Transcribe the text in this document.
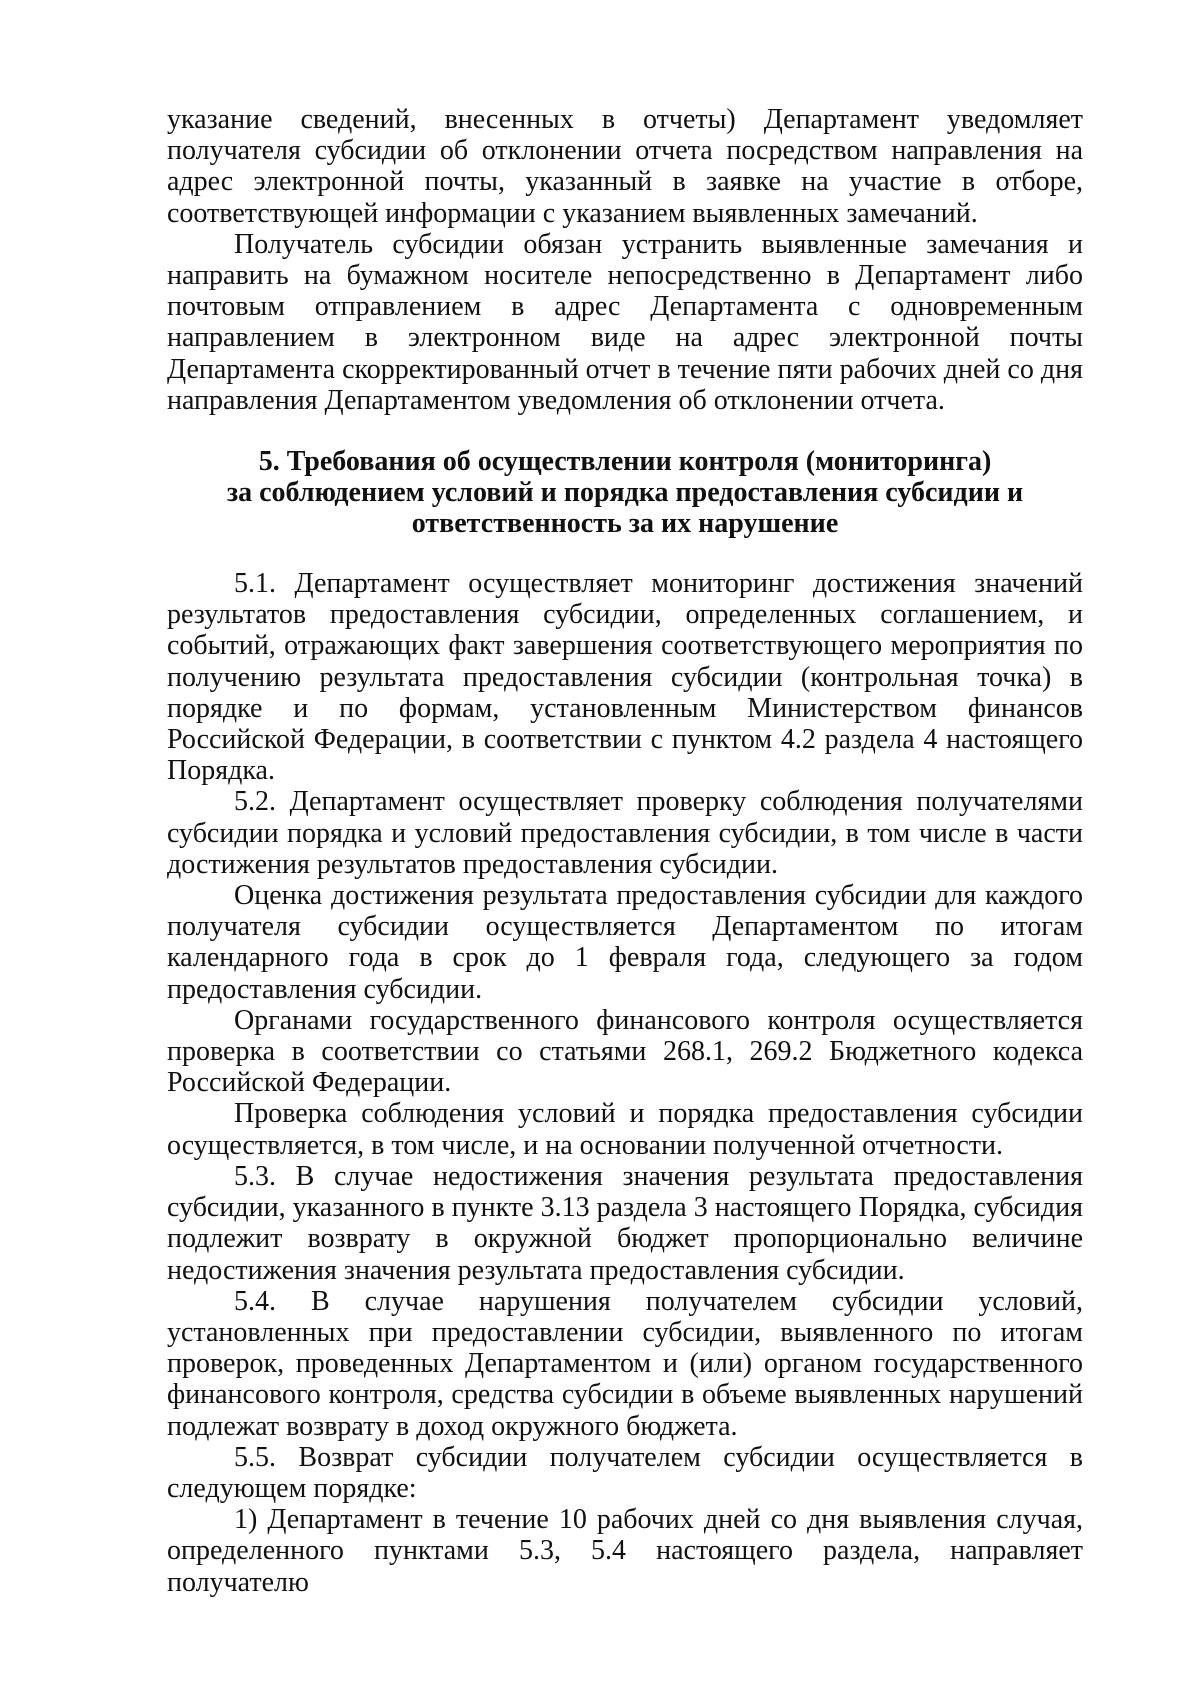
указание сведений, внесенных в отчеты) Департамент уведомляет получателя субсидии об отклонении отчета посредством направления на адрес электронной почты, указанный в заявке на участие в отборе, соответствующей информации с указанием выявленных замечаний.

Получатель субсидии обязан устранить выявленные замечания и направить на бумажном носителе непосредственно в Департамент либо почтовым отправлением в адрес Департамента с одновременным направлением в электронном виде на адрес электронной почты Департамента скорректированный отчет в течение пяти рабочих дней со дня направления Департаментом уведомления об отклонении отчета.

5. Требования об осуществлении контроля (мониторинга)
за соблюдением условий и порядка предоставления субсидии и
ответственность за их нарушение

5.1. Департамент осуществляет мониторинг достижения значений результатов предоставления субсидии, определенных соглашением, и событий, отражающих факт завершения соответствующего мероприятия по получению результата предоставления субсидии (контрольная точка) в порядке и по формам, установленным Министерством финансов Российской Федерации, в соответствии с пунктом 4.2 раздела 4 настоящего Порядка.

5.2. Департамент осуществляет проверку соблюдения получателями субсидии порядка и условий предоставления субсидии, в том числе в части достижения результатов предоставления субсидии.

Оценка достижения результата предоставления субсидии для каждого получателя субсидии осуществляется Департаментом по итогам календарного года в срок до 1 февраля года, следующего за годом предоставления субсидии.

Органами государственного финансового контроля осуществляется проверка в соответствии со статьями 268.1, 269.2 Бюджетного кодекса Российской Федерации.

Проверка соблюдения условий и порядка предоставления субсидии осуществляется, в том числе, и на основании полученной отчетности.

5.3. В случае недостижения значения результата предоставления субсидии, указанного в пункте 3.13 раздела 3 настоящего Порядка, субсидия подлежит возврату в окружной бюджет пропорционально величине недостижения значения результата предоставления субсидии.

5.4. В случае нарушения получателем субсидии условий, установленных при предоставлении субсидии, выявленного по итогам проверок, проведенных Департаментом и (или) органом государственного финансового контроля, средства субсидии в объеме выявленных нарушений подлежат возврату в доход окружного бюджета.

5.5. Возврат субсидии получателем субсидии осуществляется в следующем порядке:

1) Департамент в течение 10 рабочих дней со дня выявления случая, определенного пунктами 5.3, 5.4 настоящего раздела, направляет получателю
